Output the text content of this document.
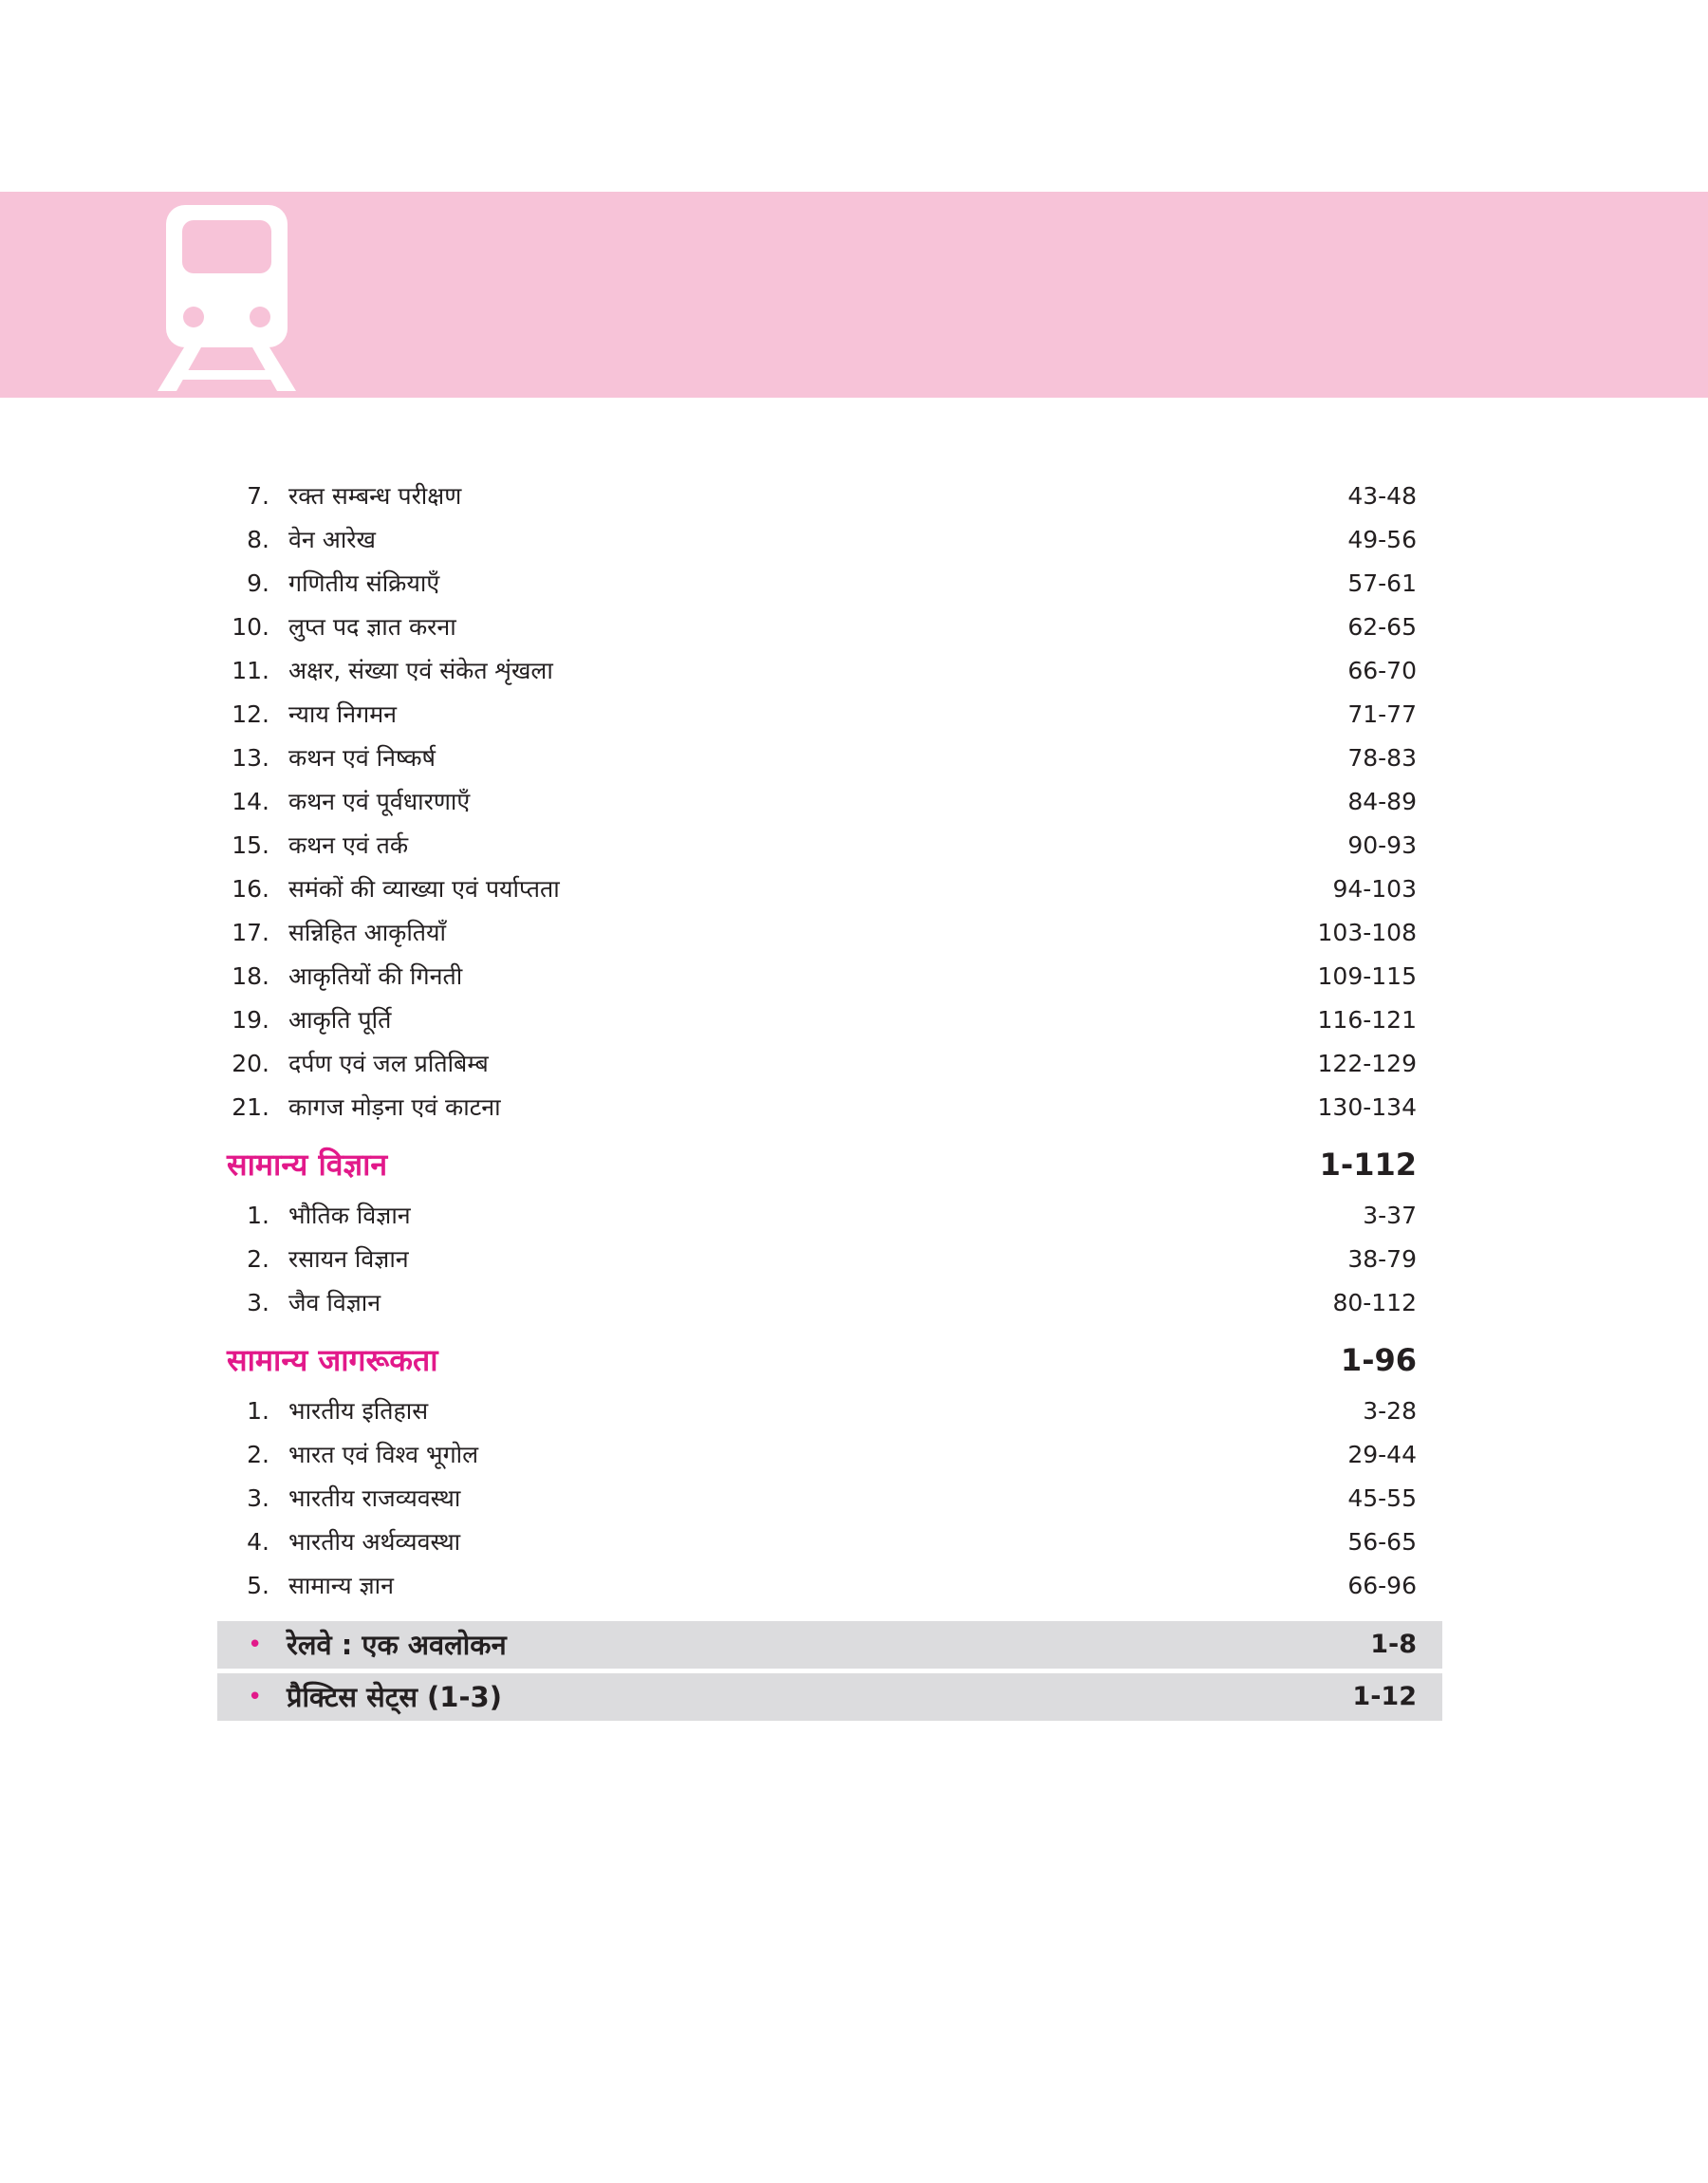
7. रक्त सम्बन्ध परीक्षण	43-48
8. वेन आरेख	49-56
9. गणितीय संक्रियाएँ	57-61
10. लुप्त पद ज्ञात करना	62-65
11. अक्षर, संख्या एवं संकेत शृंखला	66-70
12. न्याय निगमन	71-77
13. कथन एवं निष्कर्ष	78-83
14. कथन एवं पूर्वधारणाएँ	84-89
15. कथन एवं तर्क	90-93
16. समंकों की व्याख्या एवं पर्याप्तता	94-103
17. सन्निहित आकृतियाँ	103-108
18. आकृतियों की गिनती	109-115
19. आकृति पूर्ति	116-121
20. दर्पण एवं जल प्रतिबिम्ब	122-129
21. कागज मोड़ना एवं काटना	130-134
सामान्य विज्ञान	1-112
1. भौतिक विज्ञान	3-37
2. रसायन विज्ञान	38-79
3. जैव विज्ञान	80-112
सामान्य जागरूकता	1-96
1. भारतीय इतिहास	3-28
2. भारत एवं विश्व भूगोल	29-44
3. भारतीय राजव्यवस्था	45-55
4. भारतीय अर्थव्यवस्था	56-65
5. सामान्य ज्ञान	66-96
• रेलवे : एक अवलोकन	1-8
• प्रैक्टिस सेट्स (1-3)	1-12
